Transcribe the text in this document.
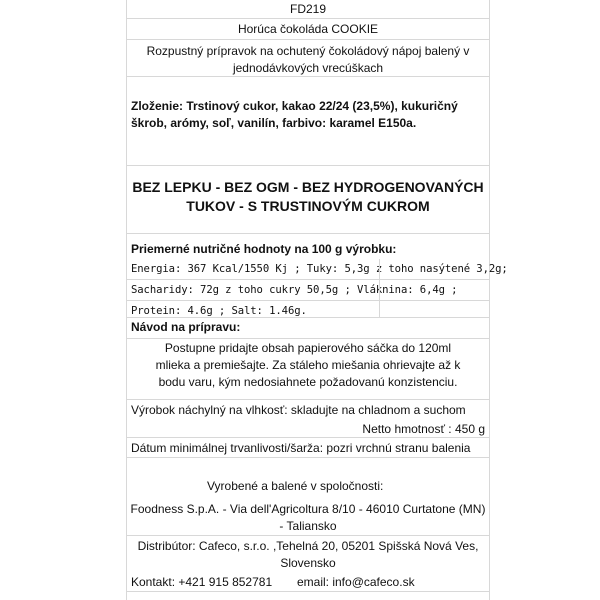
FD219
Horúca čokoláda COOKIE
Rozpustný prípravok na ochutený čokoládový nápoj balený v jednodávkových vrecúškach
Zloženie: Trstinový cukor, kakao 22/24 (23,5%), kukuričný škrob, arómy, soľ, vanilín, farbivo: karamel E150a.
BEZ LEPKU - BEZ OGM - BEZ HYDROGENOVANÝCH TUKOV - S TRUSTINOVÝM CUKROM
Priemerné nutričné hodnoty na 100 g výrobku:
Energia: 367 Kcal/1550 Kj ; Tuky: 5,3g z toho nasýtené 3,2g;
Sacharidy: 72g z toho cukry 50,5g ; Vláknina: 6,4g ;
Protein: 4.6g ; Salt: 1.46g.
Návod na prípravu:
Postupne pridajte obsah papierového sáčka do 120ml mlieka a premiešajte. Za stáleho miešania ohrievajte až k bodu varu, kým nedosiahnete požadovanú konzistenciu.
Výrobok náchylný na vlhkosť: skladujte na chladnom a suchom
Netto hmotnosť : 450 g
Dátum minimálnej trvanlivosti/šarža: pozri vrchnú stranu balenia
Vyrobené a balené v spoločnosti:
Foodness S.p.A. - Via dell'Agricoltura 8/10 - 46010 Curtatone (MN) - Taliansko
Distribútor: Cafeco, s.r.o. ,Tehelná 20, 05201 Spišská Nová Ves, Slovensko
Kontakt: +421 915 852781 email: info@cafeco.sk
